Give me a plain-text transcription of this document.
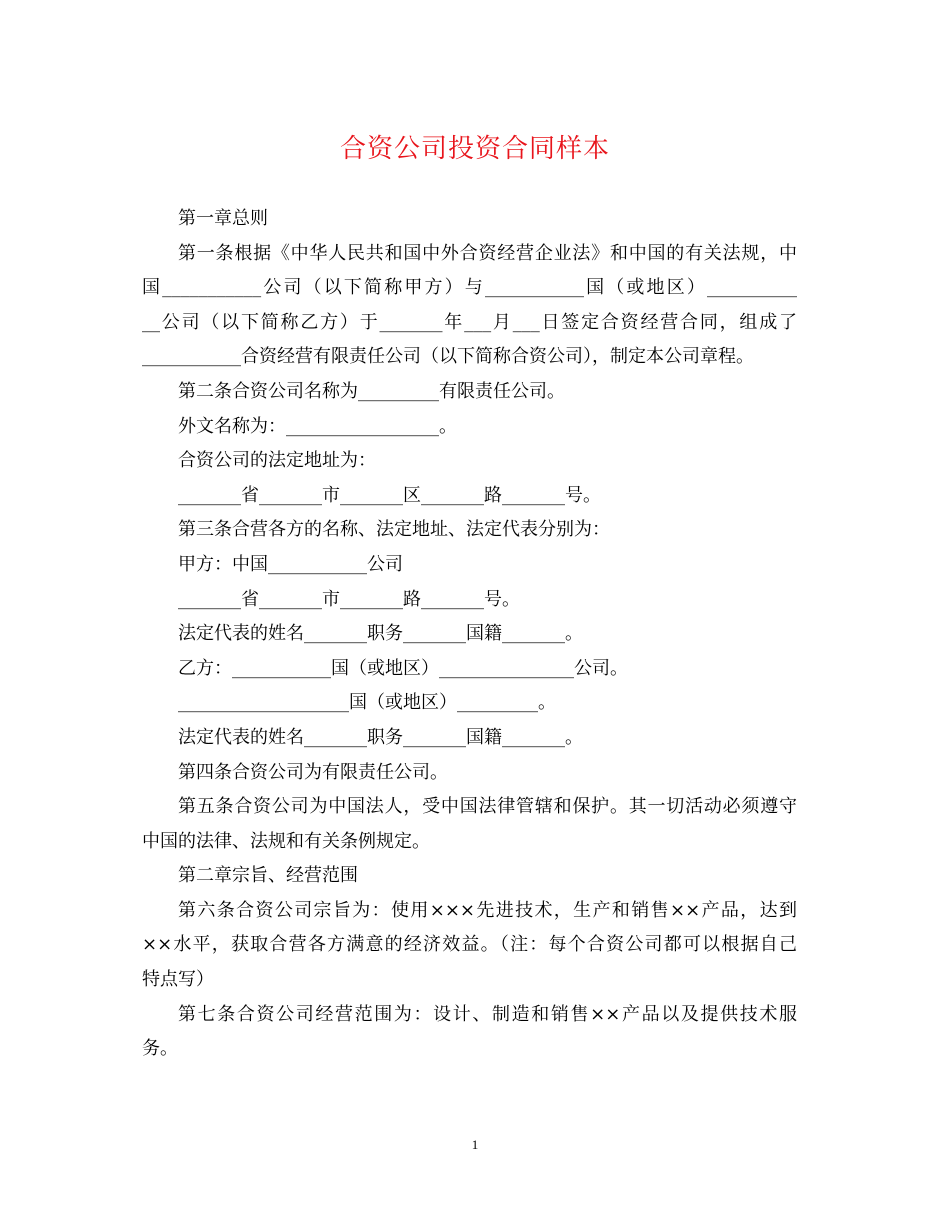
合资公司投资合同样本

第一章总则

第一条根据《中华人民共和国中外合资经营企业法》和中国的有关法规，中

国___________公司（以下简称甲方）与___________国（或地区）__________

__公司（以下简称乙方）于_______年___月___日签定合资经营合同，组成了

___________合资经营有限责任公司（以下简称合资公司），制定本公司章程。

第二条合资公司名称为_________有限责任公司。

外文名称为：_________________。

合资公司的法定地址为：

_______省_______市_______区_______路_______号。

第三条合营各方的名称、法定地址、法定代表分别为：

甲方：中国___________公司

_______省_______市_______路_______号。

法定代表的姓名_______职务_______国籍_______。

乙方：___________国（或地区）_______________公司。

___________________国（或地区）_________。

法定代表的姓名_______职务_______国籍_______。

第四条合资公司为有限责任公司。

第五条合资公司为中国法人，受中国法律管辖和保护。其一切活动必须遵守

中国的法律、法规和有关条例规定。

第二章宗旨、经营范围

第六条合资公司宗旨为：使用×××先进技术，生产和销售××产品，达到

××水平，获取合营各方满意的经济效益。（注：每个合资公司都可以根据自己

特点写）

第七条合资公司经营范围为：设计、制造和销售××产品以及提供技术服

务。

1
